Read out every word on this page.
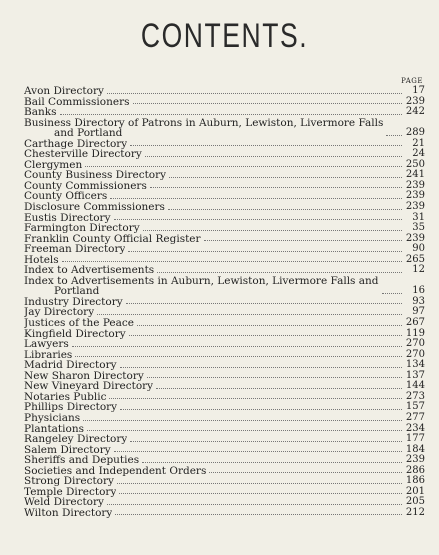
CONTENTS.
PAGE
Avon Directory	17
Bail Commissioners	239
Banks	242
Business Directory of Patrons in Auburn, Lewiston, Livermore Falls
and Portland	289
Carthage Directory	21
Chesterville Directory	24
Clergymen	250
County Business Directory	241
County Commissioners	239
County Officers	239
Disclosure Commissioners	239
Eustis Directory	31
Farmington Directory	35
Franklin County Official Register	239
Freeman Directory	90
Hotels	265
Index to Advertisements	12
Index to Advertisements in Auburn, Lewiston, Livermore Falls and
Portland	16
Industry Directory	93
Jay Directory	97
Justices of the Peace	267
Kingfield Directory	119
Lawyers	270
Libraries	270
Madrid Directory	134
New Sharon Directory	137
New Vineyard Directory	144
Notaries Public	273
Phillips Directory	157
Physicians	277
Plantations	234
Rangeley Directory	177
Salem Directory	184
Sheriffs and Deputies	239
Societies and Independent Orders	286
Strong Directory	186
Temple Directory	201
Weld Directory	205
Wilton Directory	212
